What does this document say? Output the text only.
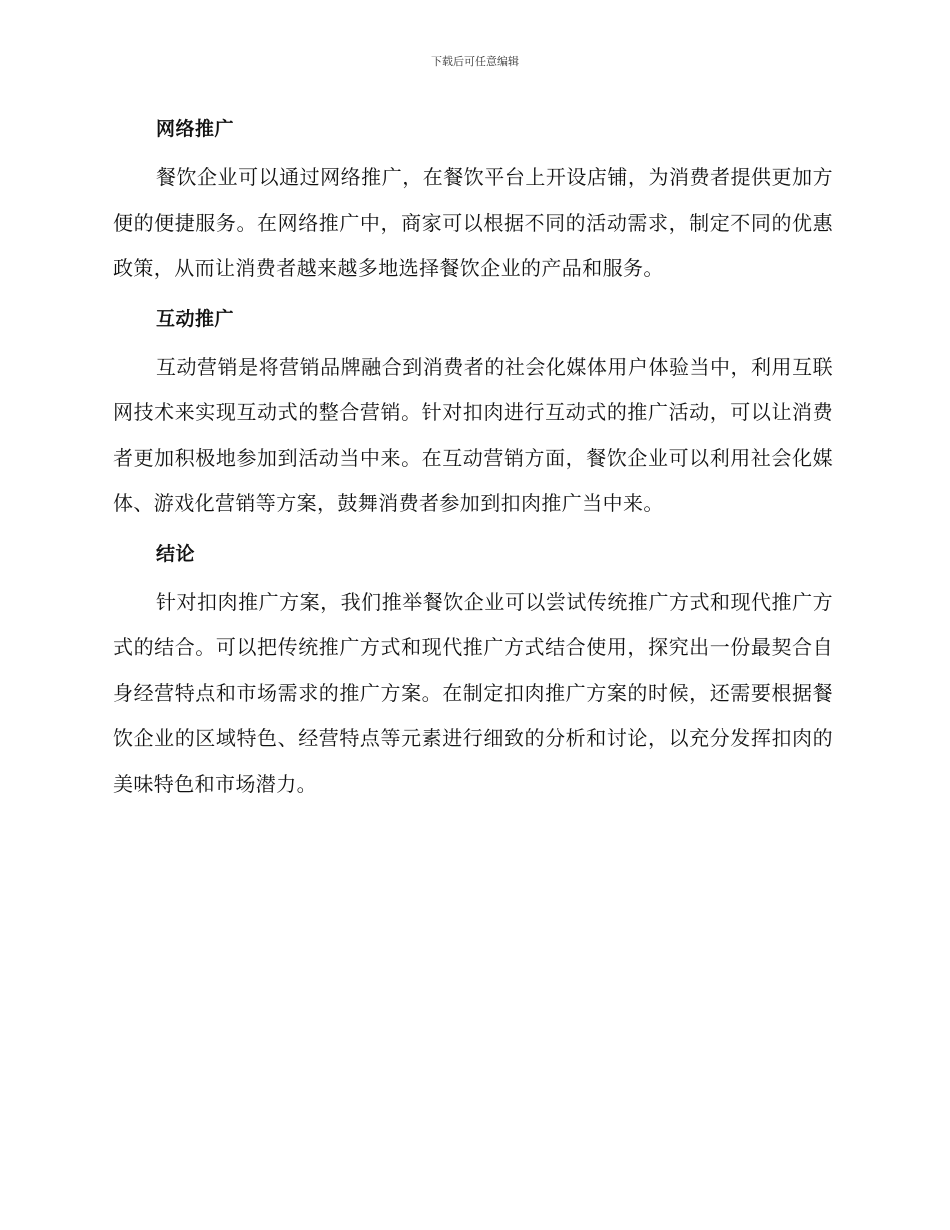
下载后可任意编辑
网络推广

餐饮企业可以通过网络推广，在餐饮平台上开设店铺，为消费者提供更加方便的便捷服务。在网络推广中，商家可以根据不同的活动需求，制定不同的优惠政策，从而让消费者越来越多地选择餐饮企业的产品和服务。

互动推广

互动营销是将营销品牌融合到消费者的社会化媒体用户体验当中，利用互联网技术来实现互动式的整合营销。针对扣肉进行互动式的推广活动，可以让消费者更加积极地参加到活动当中来。在互动营销方面，餐饮企业可以利用社会化媒体、游戏化营销等方案，鼓舞消费者参加到扣肉推广当中来。

结论

针对扣肉推广方案，我们推举餐饮企业可以尝试传统推广方式和现代推广方式的结合。可以把传统推广方式和现代推广方式结合使用，探究出一份最契合自身经营特点和市场需求的推广方案。在制定扣肉推广方案的时候，还需要根据餐饮企业的区域特色、经营特点等元素进行细致的分析和讨论，以充分发挥扣肉的美味特色和市场潜力。
